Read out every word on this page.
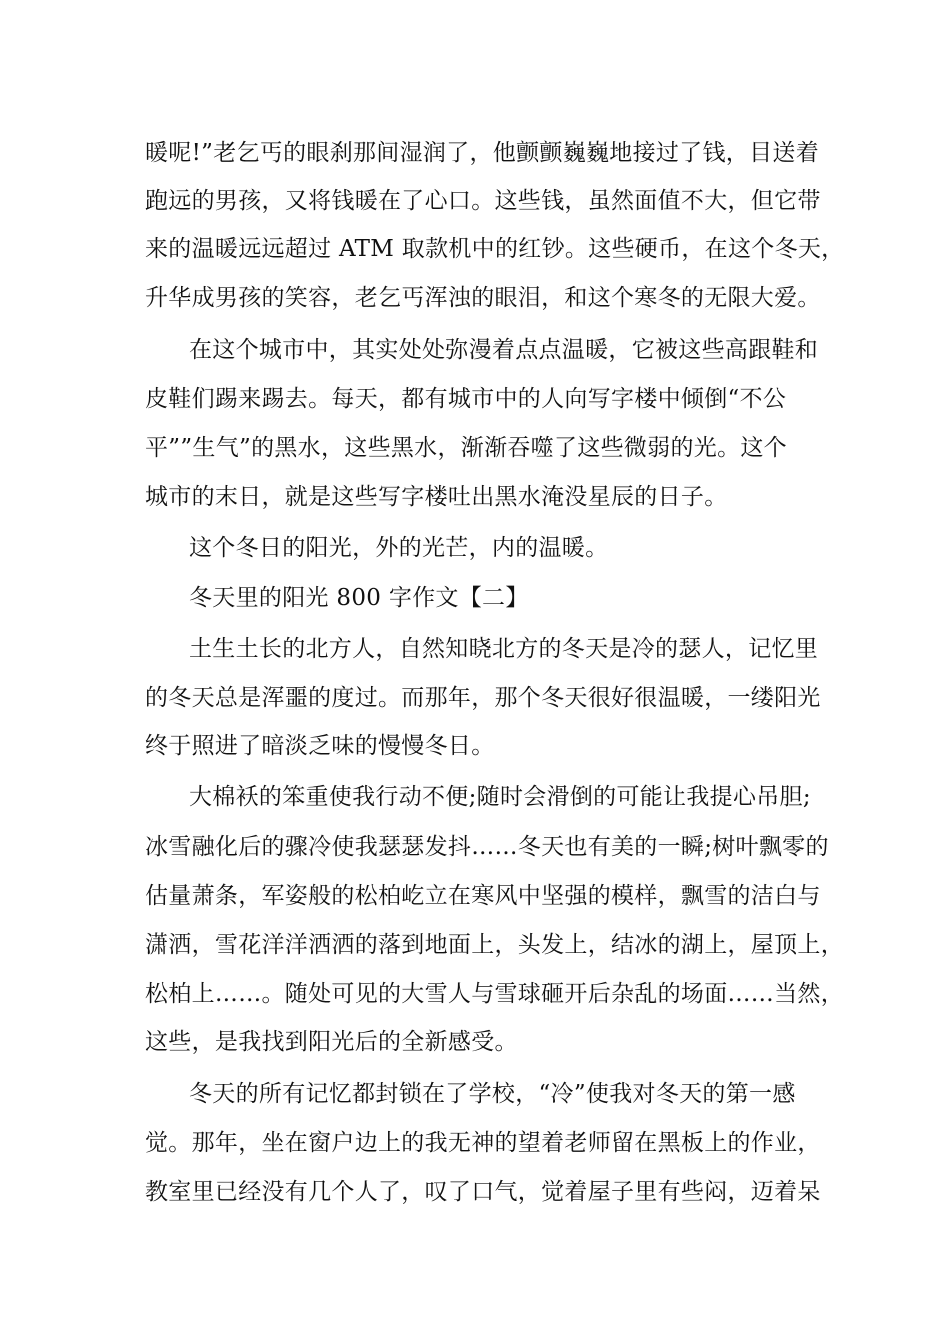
暖呢!”老乞丐的眼刹那间湿润了，他颤颤巍巍地接过了钱，目送着
跑远的男孩，又将钱暖在了心口。这些钱，虽然面值不大，但它带
来的温暖远远超过 ATM 取款机中的红钞。这些硬币，在这个冬天，
升华成男孩的笑容，老乞丐浑浊的眼泪，和这个寒冬的无限大爱。
在这个城市中，其实处处弥漫着点点温暖，它被这些高跟鞋和
皮鞋们踢来踢去。每天，都有城市中的人向写字楼中倾倒“不公
平””生气”的黑水，这些黑水，渐渐吞噬了这些微弱的光。这个
城市的末日，就是这些写字楼吐出黑水淹没星辰的日子。
这个冬日的阳光，外的光芒，内的温暖。
冬天里的阳光 800 字作文【二】
土生土长的北方人，自然知晓北方的冬天是冷的瑟人，记忆里
的冬天总是浑噩的度过。而那年，那个冬天很好很温暖，一缕阳光
终于照进了暗淡乏味的慢慢冬日。
大棉袄的笨重使我行动不便;随时会滑倒的可能让我提心吊胆;
冰雪融化后的骤冷使我瑟瑟发抖……冬天也有美的一瞬;树叶飘零的
估量萧条，军姿般的松柏屹立在寒风中坚强的模样，飘雪的洁白与
潇洒，雪花洋洋洒洒的落到地面上，头发上，结冰的湖上，屋顶上，
松柏上……。随处可见的大雪人与雪球砸开后杂乱的场面……当然，
这些，是我找到阳光后的全新感受。
冬天的所有记忆都封锁在了学校，“冷”使我对冬天的第一感
觉。那年，坐在窗户边上的我无神的望着老师留在黑板上的作业，
教室里已经没有几个人了，叹了口气，觉着屋子里有些闷，迈着呆
